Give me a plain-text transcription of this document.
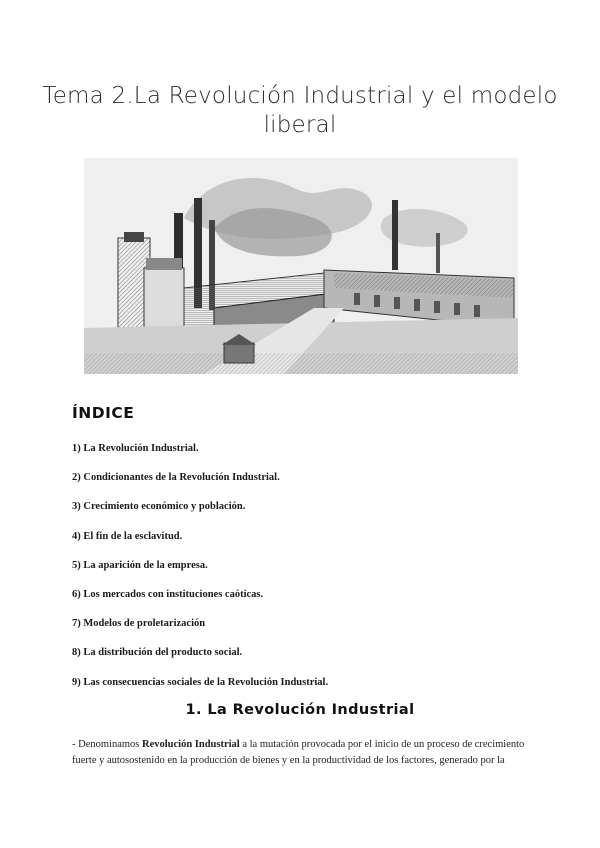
Tema 2.La Revolución Industrial y el modelo liberal
ÍNDICE
1) La Revolución Industrial.
2) Condicionantes de la Revolución Industrial.
3) Crecimiento económico y población.
4) El fin de la esclavitud.
5) La aparición de la empresa.
6) Los mercados con instituciones caóticas.
7) Modelos de proletarización
8) La distribución del producto social.
9) Las consecuencias sociales de la Revolución Industrial.
1. La Revolución Industrial
- Denominamos Revolución Industrial a la mutación provocada por el inicio de un proceso de crecimiento fuerte y autosostenido en la producción de bienes y en la productividad de los factores, generado por la
